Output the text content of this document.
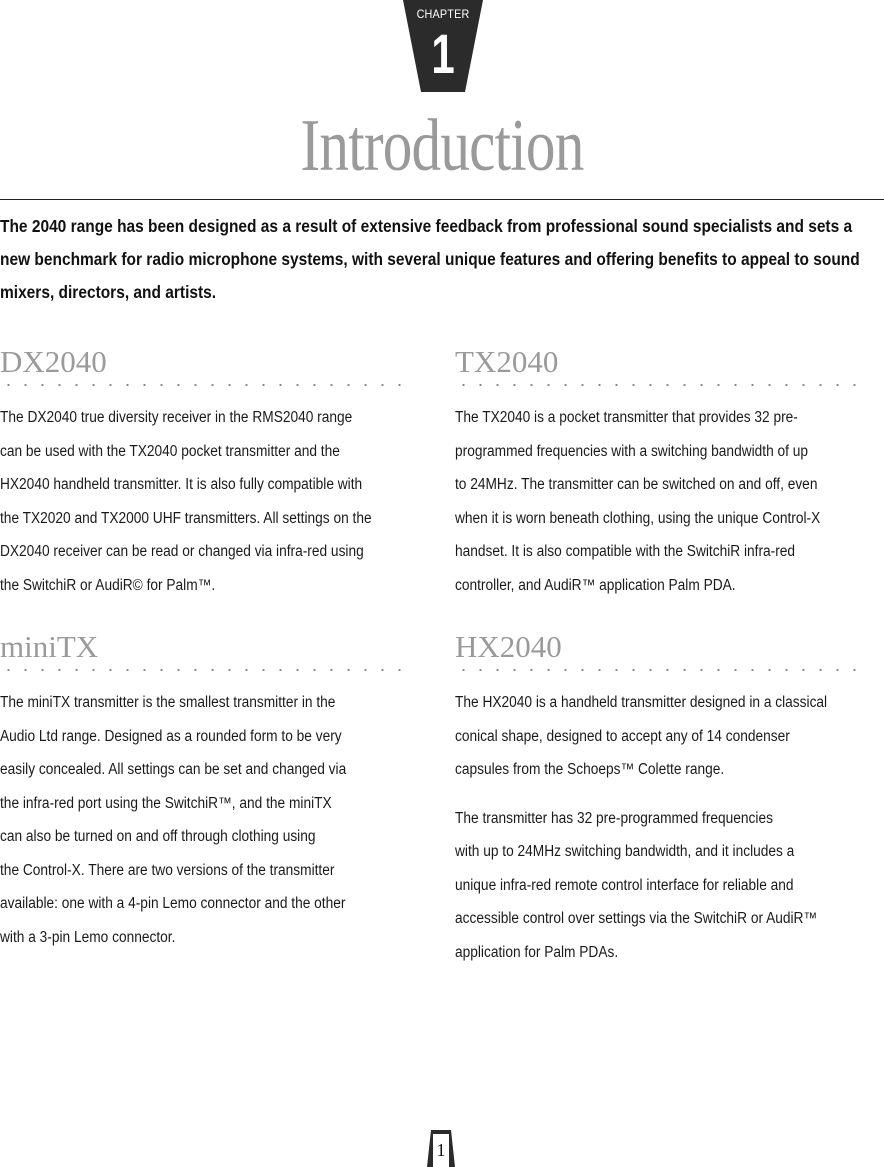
CHAPTER
1
Introduction
The 2040 range has been designed as a result of extensive feedback from professional sound specialists and sets a
new benchmark for radio microphone systems, with several unique features and offering benefits to appeal to sound
mixers, directors, and artists.
DX2040
The DX2040 true diversity receiver in the RMS2040 range
can be used with the TX2040 pocket transmitter and the
HX2040 handheld transmitter. It is also fully compatible with
the TX2020 and TX2000 UHF transmitters. All settings on the
DX2040 receiver can be read or changed via infra-red using
the SwitchiR or AudiR© for Palm™.
TX2040
The TX2040 is a pocket transmitter that provides 32 pre-
programmed frequencies with a switching bandwidth of up
to 24MHz. The transmitter can be switched on and off, even
when it is worn beneath clothing, using the unique Control-X
handset. It is also compatible with the SwitchiR infra-red
controller, and AudiR™ application Palm PDA.
miniTX
The miniTX transmitter is the smallest transmitter in the
Audio Ltd range. Designed as a rounded form to be very
easily concealed. All settings can be set and changed via
the infra-red port using the SwitchiR™, and the miniTX
can also be turned on and off through clothing using
the Control-X. There are two versions of the transmitter
available: one with a 4-pin Lemo connector and the other
with a 3-pin Lemo connector.
HX2040
The HX2040 is a handheld transmitter designed in a classical
conical shape, designed to accept any of 14 condenser
capsules from the Schoeps™ Colette range.
The transmitter has 32 pre-programmed frequencies
with up to 24MHz switching bandwidth, and it includes a
unique infra-red remote control interface for reliable and
accessible control over settings via the SwitchiR or AudiR™
application for Palm PDAs.
1
